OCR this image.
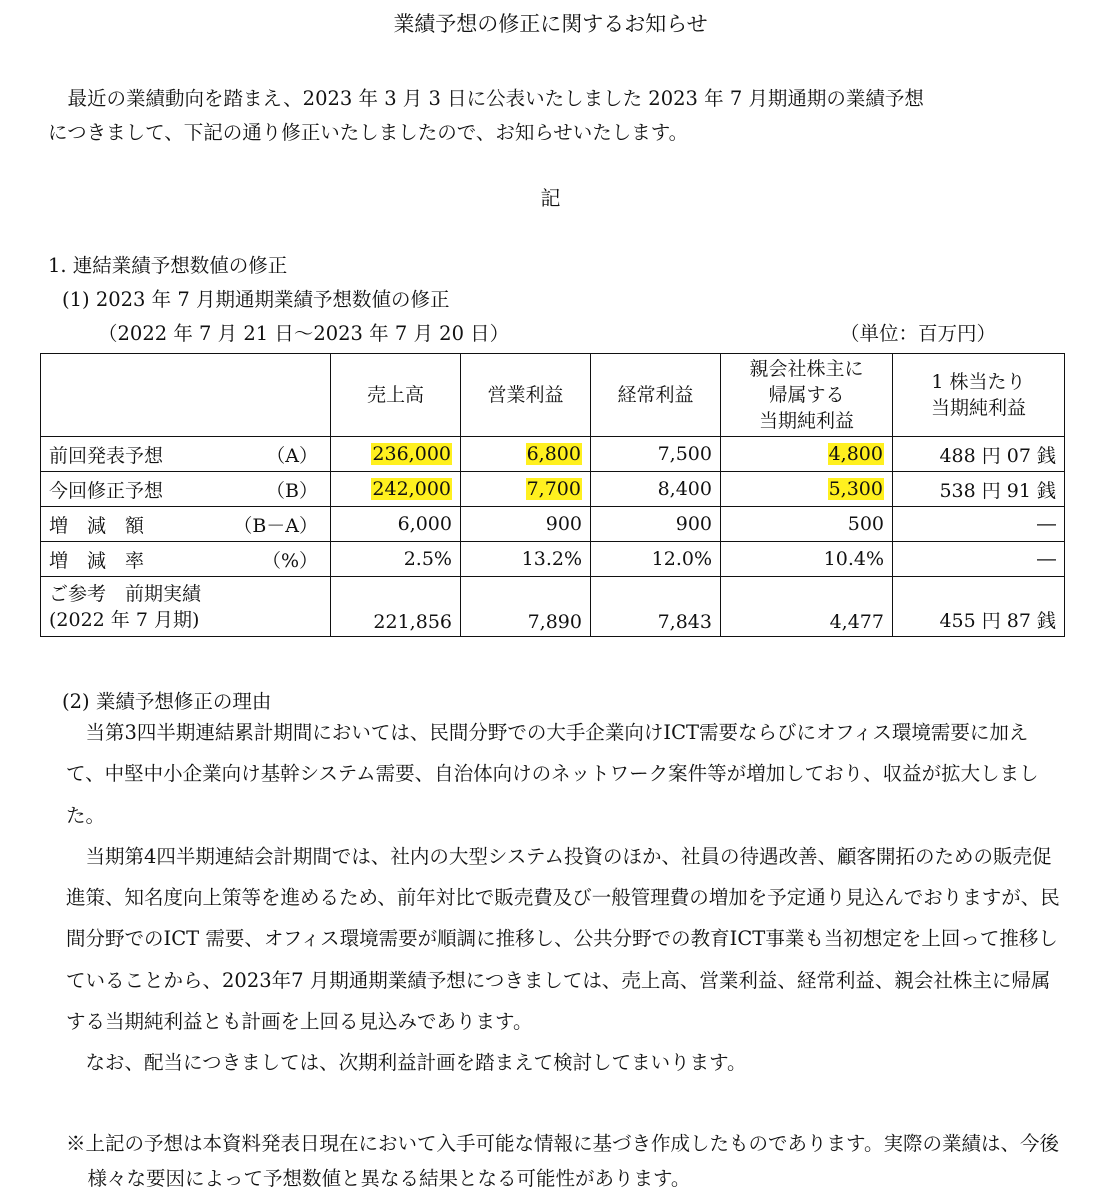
業績予想の修正に関するお知らせ
　最近の業績動向を踏まえ、2023 年 3 月 3 日に公表いたしました 2023 年 7 月期通期の業績予想
につきまして、下記の通り修正いたしましたので、お知らせいたします。
記
1. 連結業績予想数値の修正
(1) 2023 年 7 月期通期業績予想数値の修正
（2022 年 7 月 21 日～2023 年 7 月 20 日）	（単位：百万円）
	売上高	営業利益	経常利益	親会社株主に
帰属する
当期純利益	1 株当たり
当期純利益

前回発表予想 （A）	236,000	6,800	7,500	4,800	488 円 07 銭

今回修正予想 （B）	242,000	7,700	8,400	5,300	538 円 91 銭

増　減　額 （B－A）	6,000	900	900	500	―

増　減　率 （%）	2.5%	13.2%	12.0%	10.4%	―

ご参考　前期実績
(2022 年 7 月期)	221,856	7,890	7,843	4,477	455 円 87 銭
(2) 業績予想修正の理由

当第3四半期連結累計期間においては、民間分野での大手企業向けICT需要ならびにオフィス環境需要に加えて、中堅中小企業向け基幹システム需要、自治体向けのネットワーク案件等が増加しており、収益が拡大しました。

当期第4四半期連結会計期間では、社内の大型システム投資のほか、社員の待遇改善、顧客開拓のための販売促進策、知名度向上策等を進めるため、前年対比で販売費及び一般管理費の増加を予定通り見込んでおりますが、民間分野でのICT 需要、オフィス環境需要が順調に推移し、公共分野での教育ICT事業も当初想定を上回って推移していることから、2023年7 月期通期業績予想につきましては、売上高、営業利益、経常利益、親会社株主に帰属する当期純利益とも計画を上回る見込みであります。

なお、配当につきましては、次期利益計画を踏まえて検討してまいります。

※上記の予想は本資料発表日現在において入手可能な情報に基づき作成したものであります。実際の業績は、今後様々な要因によって予想数値と異なる結果となる可能性があります。
